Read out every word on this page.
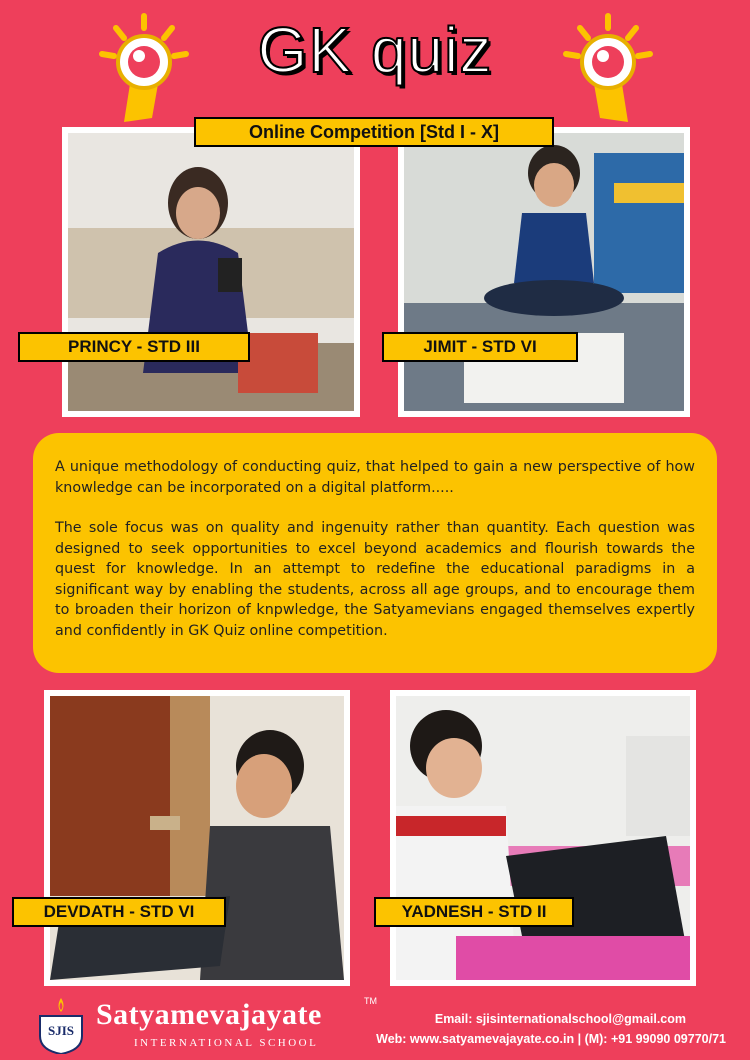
GK quiz
PRINCY - STD III	JIMIT - STD VI
Online Competition [Std I - X]

A unique methodology of conducting quiz, that helped to gain a new perspective of how knowledge can be incorporated on a digital platform.....

The sole focus was on quality and ingenuity rather than quantity. Each question was designed to seek opportunities to excel beyond academics and flourish towards the quest for knowledge. In an attempt to redefine the educational paradigms in a significant way by enabling the students, across all age groups, and to encourage them to broaden their horizon of knpwledge, the Satyamevians engaged themselves expertly and confidently in GK Quiz online competition.

DEVDATH - STD VI	YADNESH - STD II
SJIS Satyamevajayate	TM
INTERNATIONAL SCHOOL
Email: sjisinternationalschool@gmail.com
Web: www.satyamevajayate.co.in | (M): +91 99090 09770/71
